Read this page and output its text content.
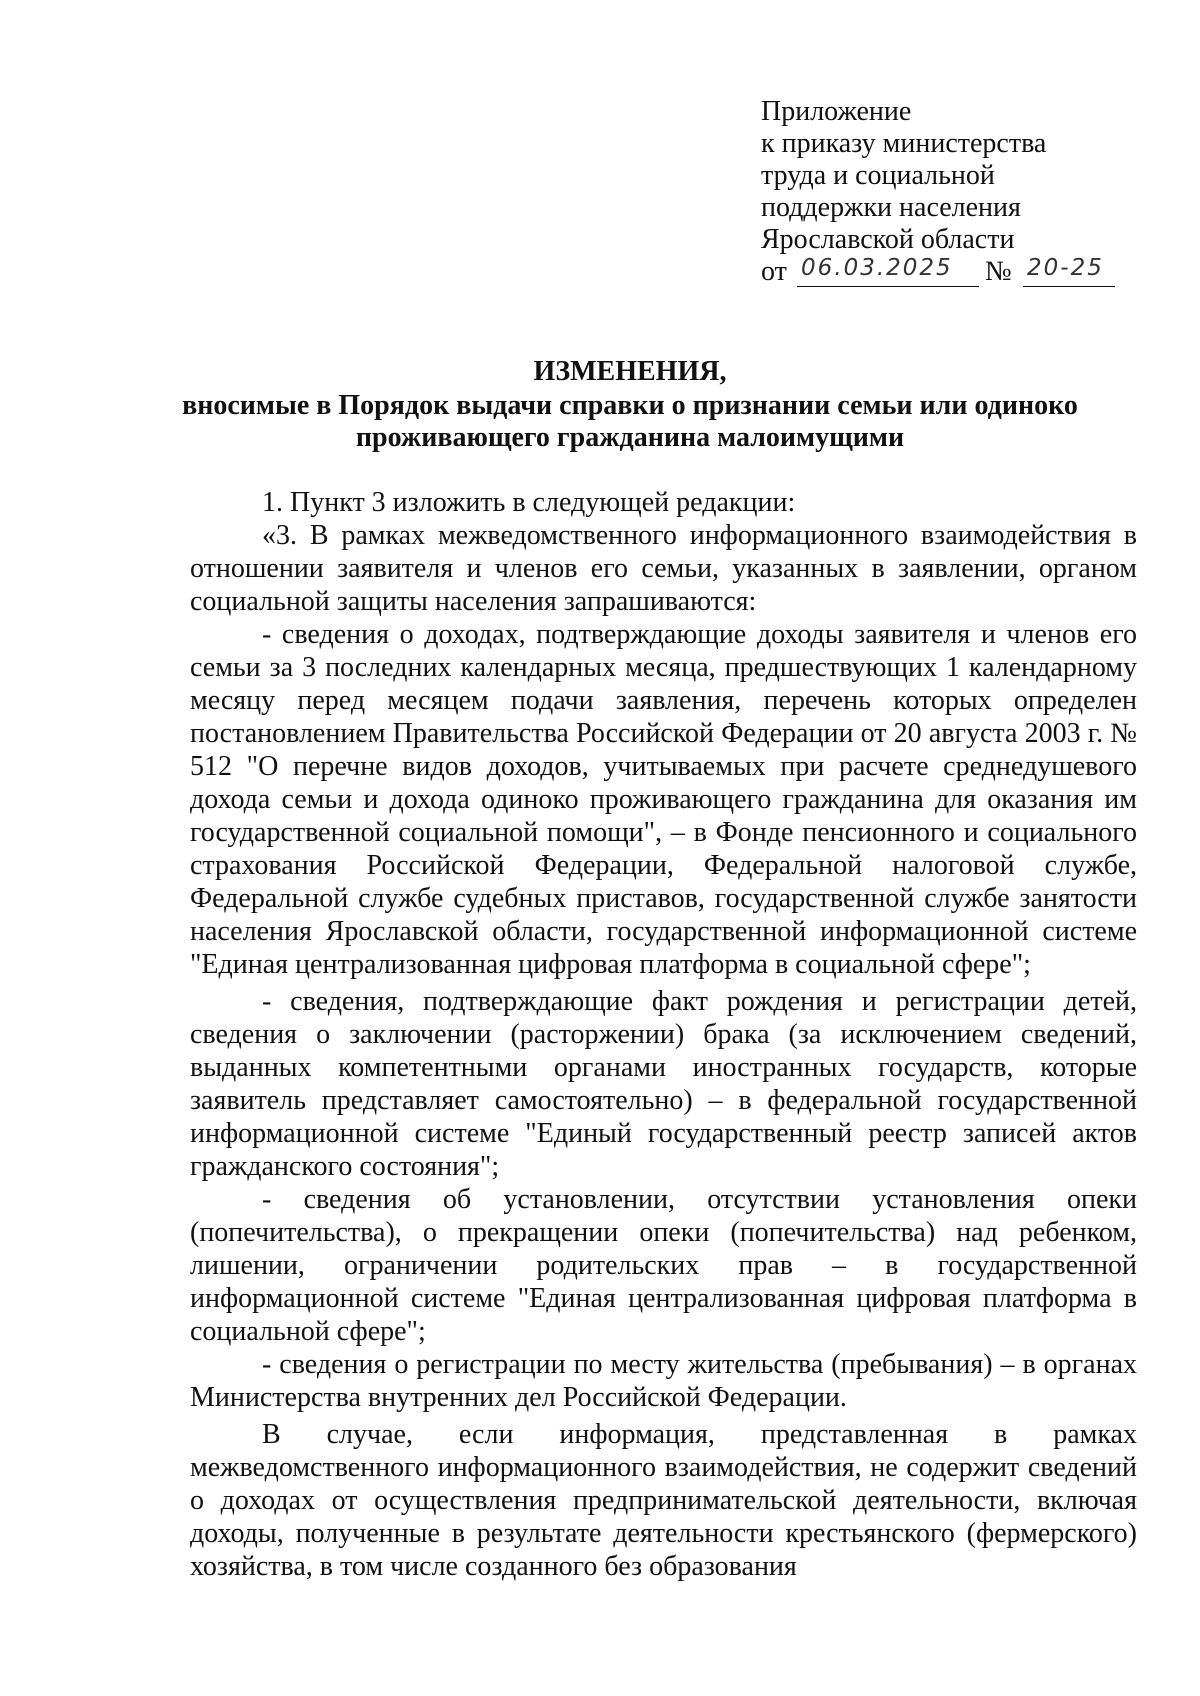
Приложение
к приказу министерства
труда и социальной
поддержки населения
Ярославской области
от 06.03.2025 № 20-25
ИЗМЕНЕНИЯ,
вносимые в Порядок выдачи справки о признании семьи или одиноко проживающего гражданина малоимущими

1. Пункт 3 изложить в следующей редакции:

«3. В рамках межведомственного информационного взаимодействия в отношении заявителя и членов его семьи, указанных в заявлении, органом социальной защиты населения запрашиваются:

- сведения о доходах, подтверждающие доходы заявителя и членов его семьи за 3 последних календарных месяца, предшествующих 1 календарному месяцу перед месяцем подачи заявления, перечень которых определен постановлением Правительства Российской Федерации от 20 августа 2003 г. № 512 "О перечне видов доходов, учитываемых при расчете среднедушевого дохода семьи и дохода одиноко проживающего гражданина для оказания им государственной социальной помощи", – в Фонде пенсионного и социального страхования Российской Федерации, Федеральной налоговой службе, Федеральной службе судебных приставов, государственной службе занятости населения Ярославской области, государственной информационной системе "Единая централизованная цифровая платформа в социальной сфере";

- сведения, подтверждающие факт рождения и регистрации детей, сведения о заключении (расторжении) брака (за исключением сведений, выданных компетентными органами иностранных государств, которые заявитель представляет самостоятельно) – в федеральной государственной информационной системе "Единый государственный реестр записей актов гражданского состояния";

- сведения об установлении, отсутствии установления опеки (попечительства), о прекращении опеки (попечительства) над ребенком, лишении, ограничении родительских прав – в государственной информационной системе "Единая централизованная цифровая платформа в социальной сфере";

- сведения о регистрации по месту жительства (пребывания) – в органах Министерства внутренних дел Российской Федерации.

В случае, если информация, представленная в рамках межведомственного информационного взаимодействия, не содержит сведений о доходах от осуществления предпринимательской деятельности, включая доходы, полученные в результате деятельности крестьянского (фермерского) хозяйства, в том числе созданного без образования
